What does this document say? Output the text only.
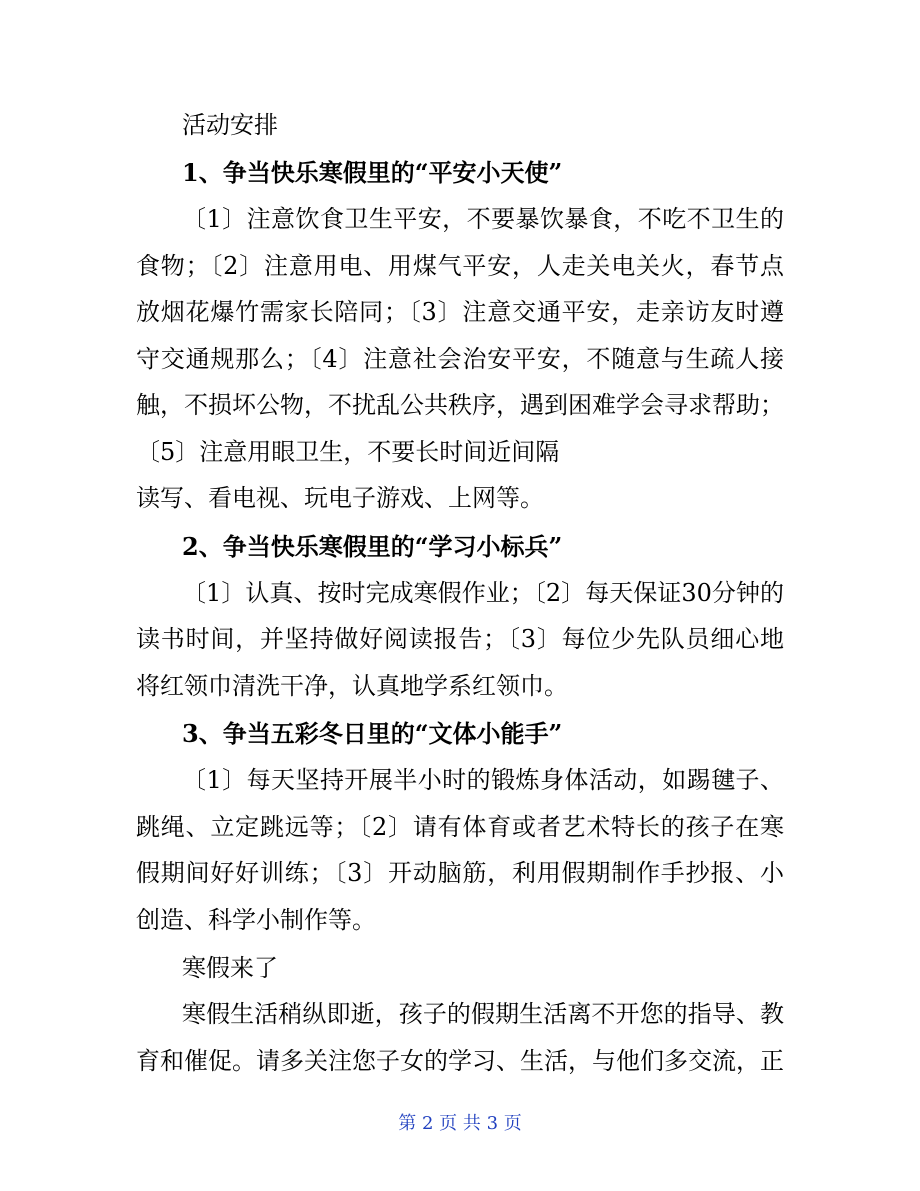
活动安排
1、争当快乐寒假里的“平安小天使”
〔1〕注意饮食卫生平安，不要暴饮暴食，不吃不卫生的
食物；〔2〕注意用电、用煤气平安，人走关电关火，春节点
放烟花爆竹需家长陪同；〔3〕注意交通平安，走亲访友时遵
守交通规那么；〔4〕注意社会治安平安，不随意与生疏人接
触，不损坏公物，不扰乱公共秩序，遇到困难学会寻求帮助；
〔5〕注意用眼卫生，不要长时间近间隔
读写、看电视、玩电子游戏、上网等。
2、争当快乐寒假里的“学习小标兵”
〔1〕认真、按时完成寒假作业；〔2〕每天保证30分钟的
读书时间，并坚持做好阅读报告；〔3〕每位少先队员细心地
将红领巾清洗干净，认真地学系红领巾。
3、争当五彩冬日里的“文体小能手”
〔1〕每天坚持开展半小时的锻炼身体活动，如踢毽子、
跳绳、立定跳远等；〔2〕请有体育或者艺术特长的孩子在寒
假期间好好训练；〔3〕开动脑筋，利用假期制作手抄报、小
创造、科学小制作等。
寒假来了
寒假生活稍纵即逝，孩子的假期生活离不开您的指导、教
育和催促。请多关注您子女的学习、生活，与他们多交流，正
第 2 页 共 3 页
